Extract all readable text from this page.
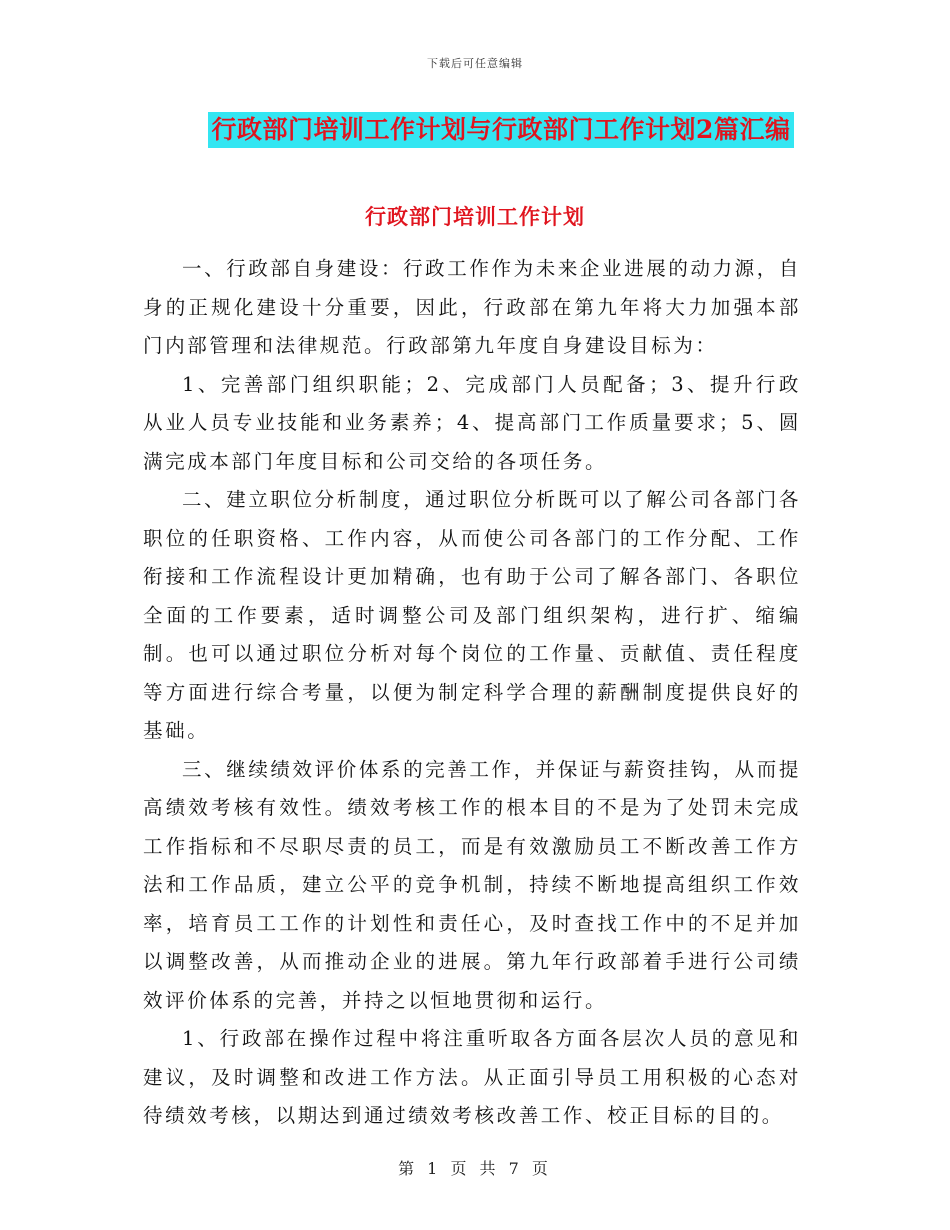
下载后可任意编辑
行政部门培训工作计划与行政部门工作计划2篇汇编
行政部门培训工作计划

一、行政部自身建设：行政工作作为未来企业进展的动力源，自身的正规化建设十分重要，因此，行政部在第九年将大力加强本部门内部管理和法律规范。行政部第九年度自身建设目标为：

1、完善部门组织职能；2、完成部门人员配备；3、提升行政从业人员专业技能和业务素养；4、提高部门工作质量要求；5、圆满完成本部门年度目标和公司交给的各项任务。

二、建立职位分析制度，通过职位分析既可以了解公司各部门各职位的任职资格、工作内容，从而使公司各部门的工作分配、工作衔接和工作流程设计更加精确，也有助于公司了解各部门、各职位全面的工作要素，适时调整公司及部门组织架构，进行扩、缩编制。也可以通过职位分析对每个岗位的工作量、贡献值、责任程度等方面进行综合考量，以便为制定科学合理的薪酬制度提供良好的基础。

三、继续绩效评价体系的完善工作，并保证与薪资挂钩，从而提高绩效考核有效性。绩效考核工作的根本目的不是为了处罚未完成工作指标和不尽职尽责的员工，而是有效激励员工不断改善工作方法和工作品质，建立公平的竞争机制，持续不断地提高组织工作效率，培育员工工作的计划性和责任心，及时查找工作中的不足并加以调整改善，从而推动企业的进展。第九年行政部着手进行公司绩效评价体系的完善，并持之以恒地贯彻和运行。

1、行政部在操作过程中将注重听取各方面各层次人员的意见和建议，及时调整和改进工作方法。从正面引导员工用积极的心态对待绩效考核，以期达到通过绩效考核改善工作、校正目标的目的。

第 1 页 共 7 页
